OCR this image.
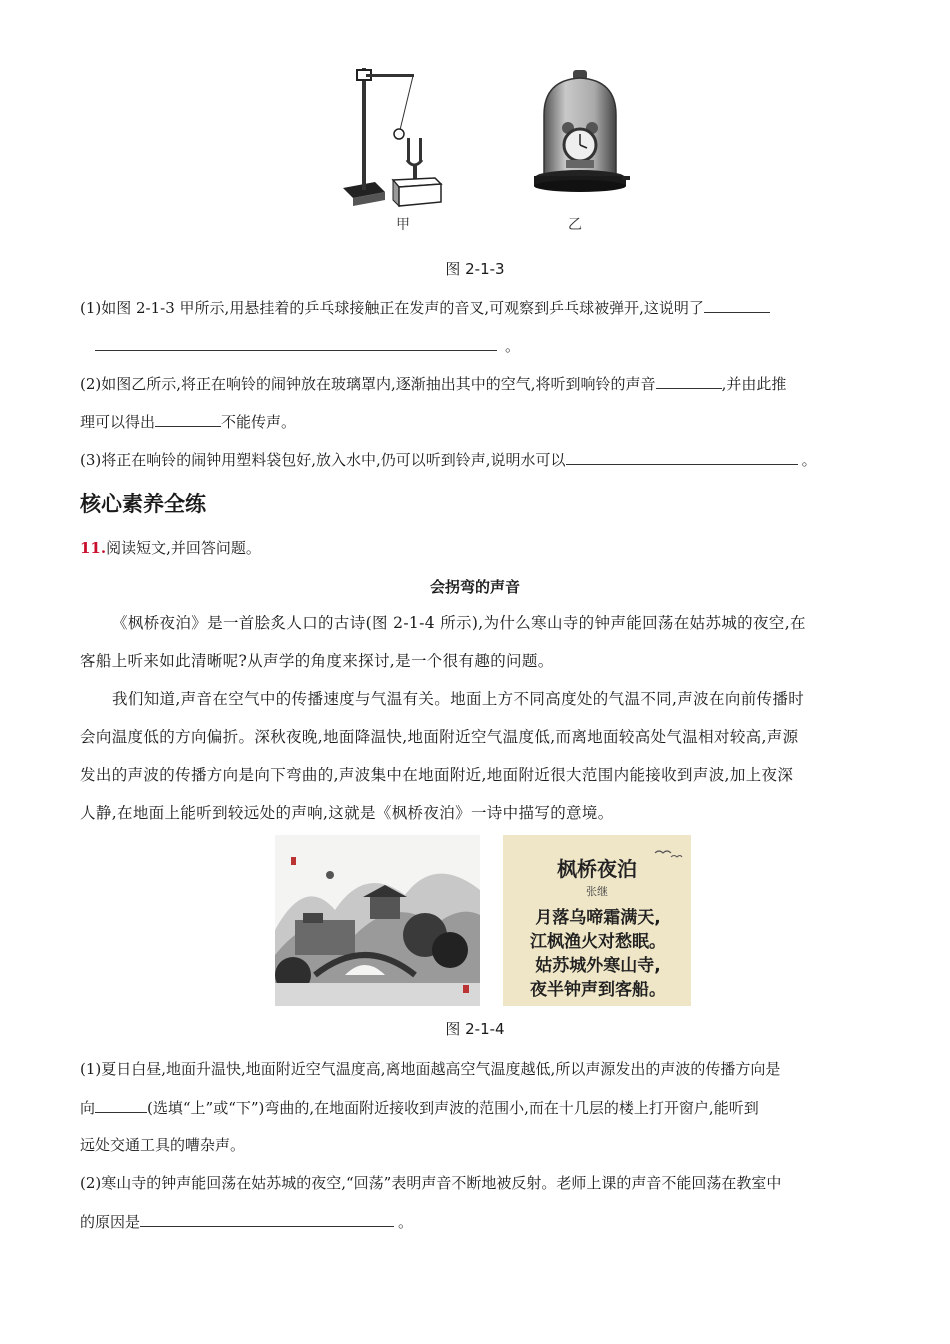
甲	乙
图 2-1-3
(1)如图 2-1-3 甲所示,用悬挂着的乒乓球接触正在发声的音叉,可观察到乒乓球被弹开,这说明了
。
(2)如图乙所示,将正在响铃的闹钟放在玻璃罩内,逐渐抽出其中的空气,将听到响铃的声音	,并由此推
理可以得出	不能传声。
(3)将正在响铃的闹钟用塑料袋包好,放入水中,仍可以听到铃声,说明水可以	。
核心素养全练
11.阅读短文,并回答问题。
会拐弯的声音
《枫桥夜泊》是一首脍炙人口的古诗(图 2-1-4 所示),为什么寒山寺的钟声能回荡在姑苏城的夜空,在
客船上听来如此清晰呢?从声学的角度来探讨,是一个很有趣的问题。
我们知道,声音在空气中的传播速度与气温有关。地面上方不同高度处的气温不同,声波在向前传播时
会向温度低的方向偏折。深秋夜晚,地面降温快,地面附近空气温度低,而离地面较高处气温相对较高,声源
发出的声波的传播方向是向下弯曲的,声波集中在地面附近,地面附近很大范围内能接收到声波,加上夜深
人静,在地面上能听到较远处的声响,这就是《枫桥夜泊》一诗中描写的意境。
枫桥夜泊
张继
月落乌啼霜满天,
江枫渔火对愁眠。
姑苏城外寒山寺,
夜半钟声到客船。
图 2-1-4
(1)夏日白昼,地面升温快,地面附近空气温度高,离地面越高空气温度越低,所以声源发出的声波的传播方向是
向	(选填“上”或“下”)弯曲的,在地面附近接收到声波的范围小,而在十几层的楼上打开窗户,能听到
远处交通工具的嘈杂声。
(2)寒山寺的钟声能回荡在姑苏城的夜空,“回荡”表明声音不断地被反射。老师上课的声音不能回荡在教室中
的原因是	。
